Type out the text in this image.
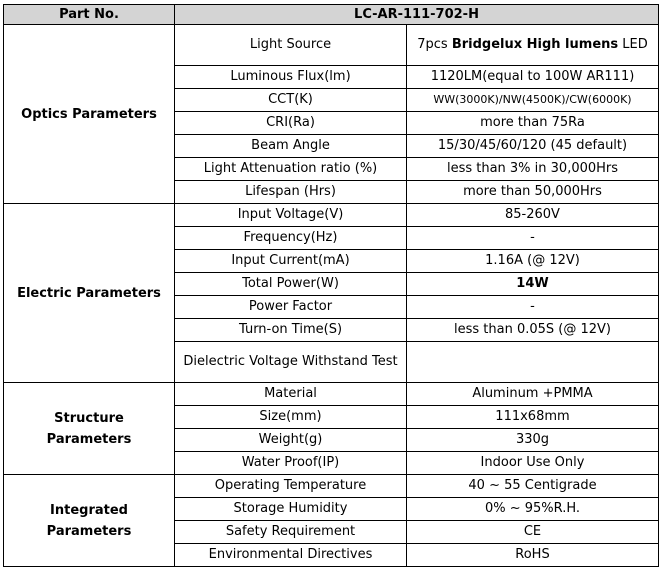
Part No.	LC-AR-111-702-H	
Optics Parameters	Light Source	7pcs Bridgelux High lumens LED
	Luminous Flux(lm)	1120LM(equal to 100W AR111)
	CCT(K)	WW(3000K)/NW(4500K)/CW(6000K)
	CRI(Ra)	more than 75Ra
	Beam Angle	15/30/45/60/120 (45 default)
	Light Attenuation ratio (%)	less than 3% in 30,000Hrs
	Lifespan (Hrs)	more than 50,000Hrs
Electric Parameters	Input Voltage(V)	85-260V
	Frequency(Hz)	-
	Input Current(mA)	1.16A (@ 12V)
	Total Power(W)	14W
	Power Factor	-
	Turn-on Time(S)	less than 0.05S (@ 12V)
	Dielectric Voltage Withstand Test	
Structure
Parameters	Material	Aluminum +PMMA
	Size(mm)	111x68mm
	Weight(g)	330g
	Water Proof(IP)	Indoor Use Only
Integrated
Parameters	Operating Temperature	40 ~ 55 Centigrade
	Storage Humidity	0% ~ 95%R.H.
	Safety Requirement	CE
	Environmental Directives	RoHS
